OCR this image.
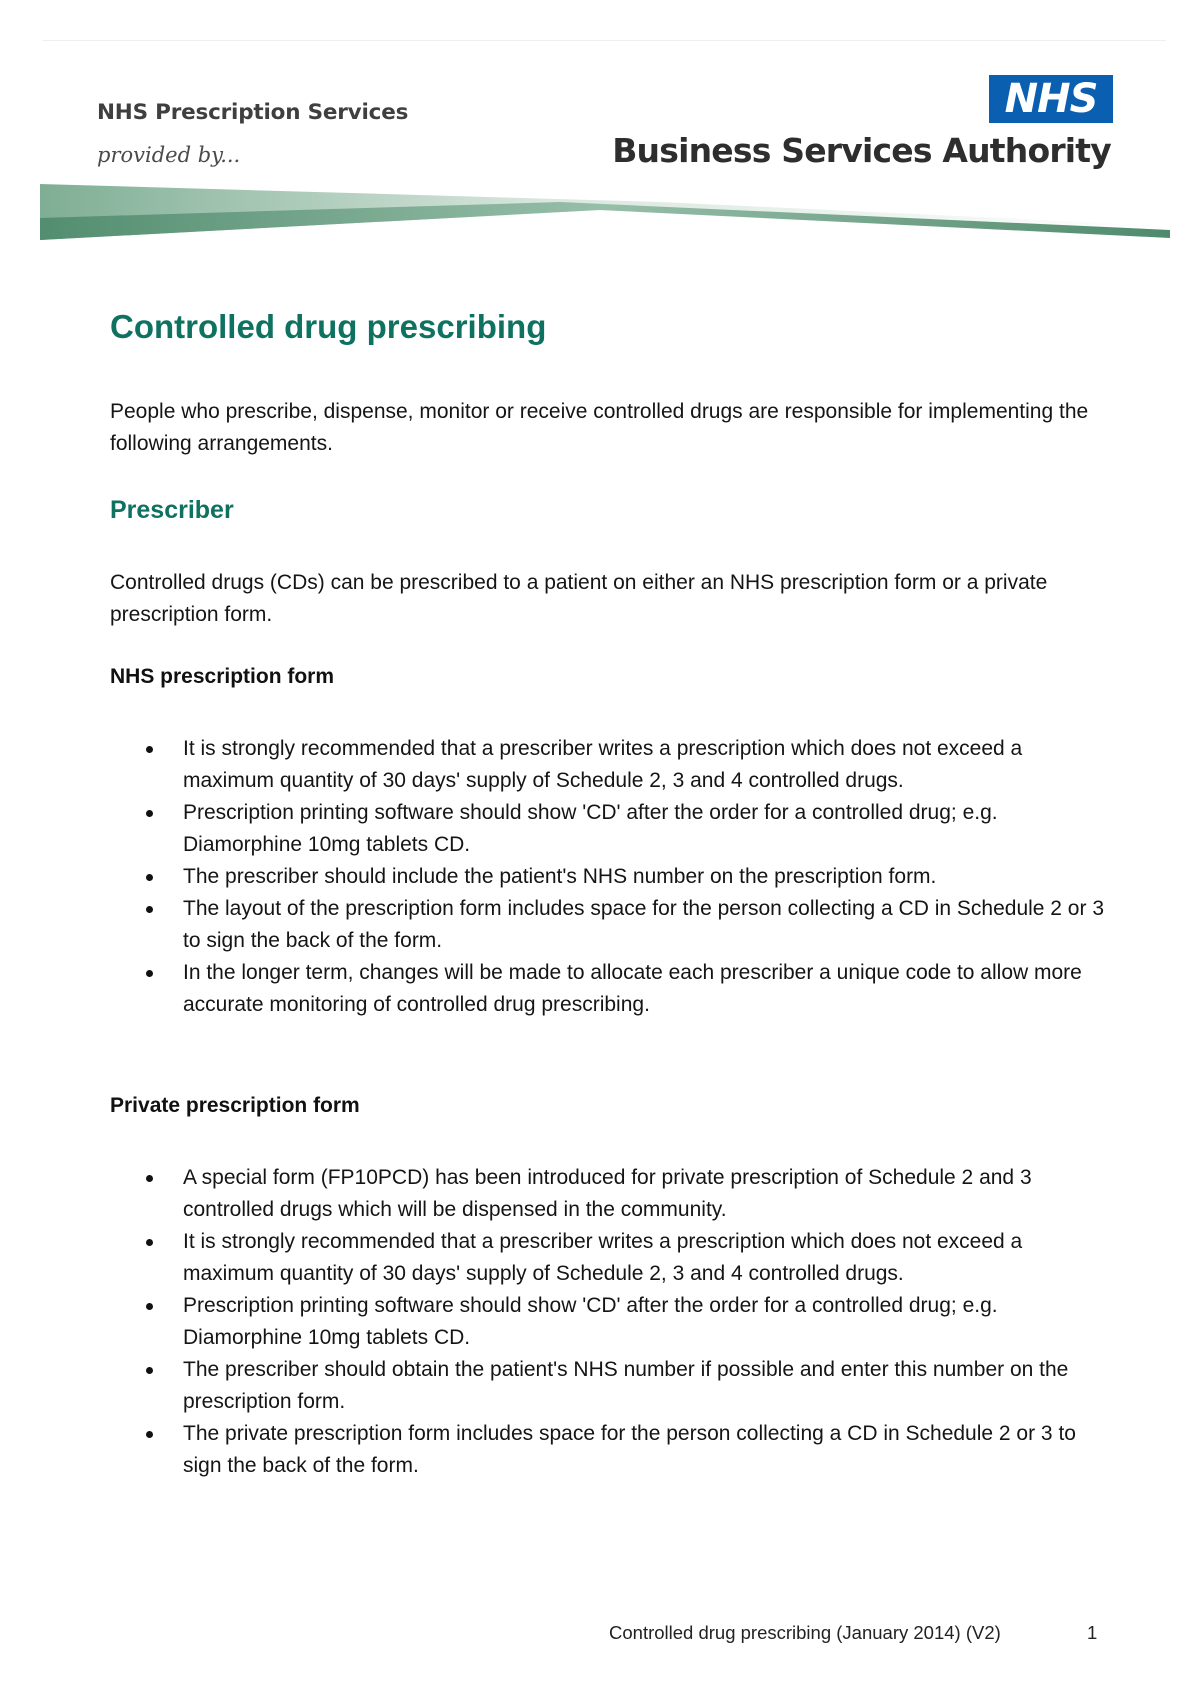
NHS Prescription Services
provided by...
NHS
Business Services Authority
Controlled drug prescribing

People who prescribe, dispense, monitor or receive controlled drugs are responsible for implementing the following arrangements.

Prescriber

Controlled drugs (CDs) can be prescribed to a patient on either an NHS prescription form or a private prescription form.

NHS prescription form
It is strongly recommended that a prescriber writes a prescription which does not exceed a maximum quantity of 30 days' supply of Schedule 2, 3 and 4 controlled drugs.
Prescription printing software should show 'CD' after the order for a controlled drug; e.g. Diamorphine 10mg tablets CD.
The prescriber should include the patient's NHS number on the prescription form.
The layout of the prescription form includes space for the person collecting a CD in Schedule 2 or 3 to sign the back of the form.
In the longer term, changes will be made to allocate each prescriber a unique code to allow more accurate monitoring of controlled drug prescribing.
Private prescription form
A special form (FP10PCD) has been introduced for private prescription of Schedule 2 and 3 controlled drugs which will be dispensed in the community.
It is strongly recommended that a prescriber writes a prescription which does not exceed a maximum quantity of 30 days' supply of Schedule 2, 3 and 4 controlled drugs.
Prescription printing software should show 'CD' after the order for a controlled drug; e.g. Diamorphine 10mg tablets CD.
The prescriber should obtain the patient's NHS number if possible and enter this number on the prescription form.
The private prescription form includes space for the person collecting a CD in Schedule 2 or 3 to sign the back of the form.
Controlled drug prescribing (January 2014) (V2)	1
